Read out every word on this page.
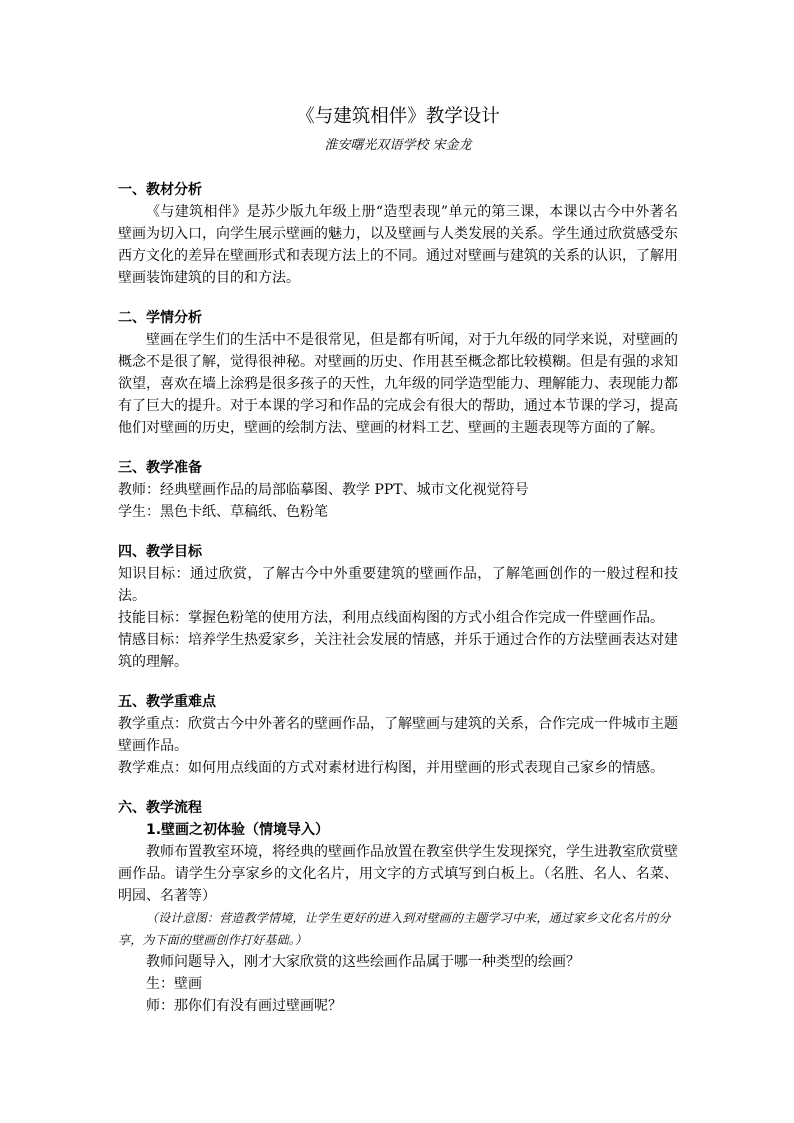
《与建筑相伴》教学设计

淮安曙光双语学校 宋金龙

一、教材分析

《与建筑相伴》是苏少版九年级上册“造型表现”单元的第三课，本课以古今中外著名壁画为切入口，向学生展示壁画的魅力，以及壁画与人类发展的关系。学生通过欣赏感受东西方文化的差异在壁画形式和表现方法上的不同。通过对壁画与建筑的关系的认识，了解用壁画装饰建筑的目的和方法。

二、学情分析

壁画在学生们的生活中不是很常见，但是都有听闻，对于九年级的同学来说，对壁画的概念不是很了解，觉得很神秘。对壁画的历史、作用甚至概念都比较模糊。但是有强的求知欲望，喜欢在墙上涂鸦是很多孩子的天性，九年级的同学造型能力、理解能力、表现能力都有了巨大的提升。对于本课的学习和作品的完成会有很大的帮助，通过本节课的学习，提高他们对壁画的历史，壁画的绘制方法、壁画的材料工艺、壁画的主题表现等方面的了解。

三、教学准备

教师：经典壁画作品的局部临摹图、教学 PPT、城市文化视觉符号

学生：黑色卡纸、草稿纸、色粉笔

四、教学目标

知识目标：通过欣赏，了解古今中外重要建筑的壁画作品，了解笔画创作的一般过程和技法。

技能目标：掌握色粉笔的使用方法，利用点线面构图的方式小组合作完成一件壁画作品。

情感目标：培养学生热爱家乡，关注社会发展的情感，并乐于通过合作的方法壁画表达对建筑的理解。

五、教学重难点

教学重点：欣赏古今中外著名的壁画作品，了解壁画与建筑的关系，合作完成一件城市主题壁画作品。

教学难点：如何用点线面的方式对素材进行构图，并用壁画的形式表现自己家乡的情感。

六、教学流程

1.壁画之初体验（情境导入）

教师布置教室环境，将经典的壁画作品放置在教室供学生发现探究，学生进教室欣赏壁画作品。请学生分享家乡的文化名片，用文字的方式填写到白板上。（名胜、名人、名菜、明园、名著等）

（设计意图：营造教学情境，让学生更好的进入到对壁画的主题学习中来，通过家乡文化名片的分享，为下面的壁画创作打好基础。）

教师问题导入，刚才大家欣赏的这些绘画作品属于哪一种类型的绘画？

生：壁画

师：那你们有没有画过壁画呢？
